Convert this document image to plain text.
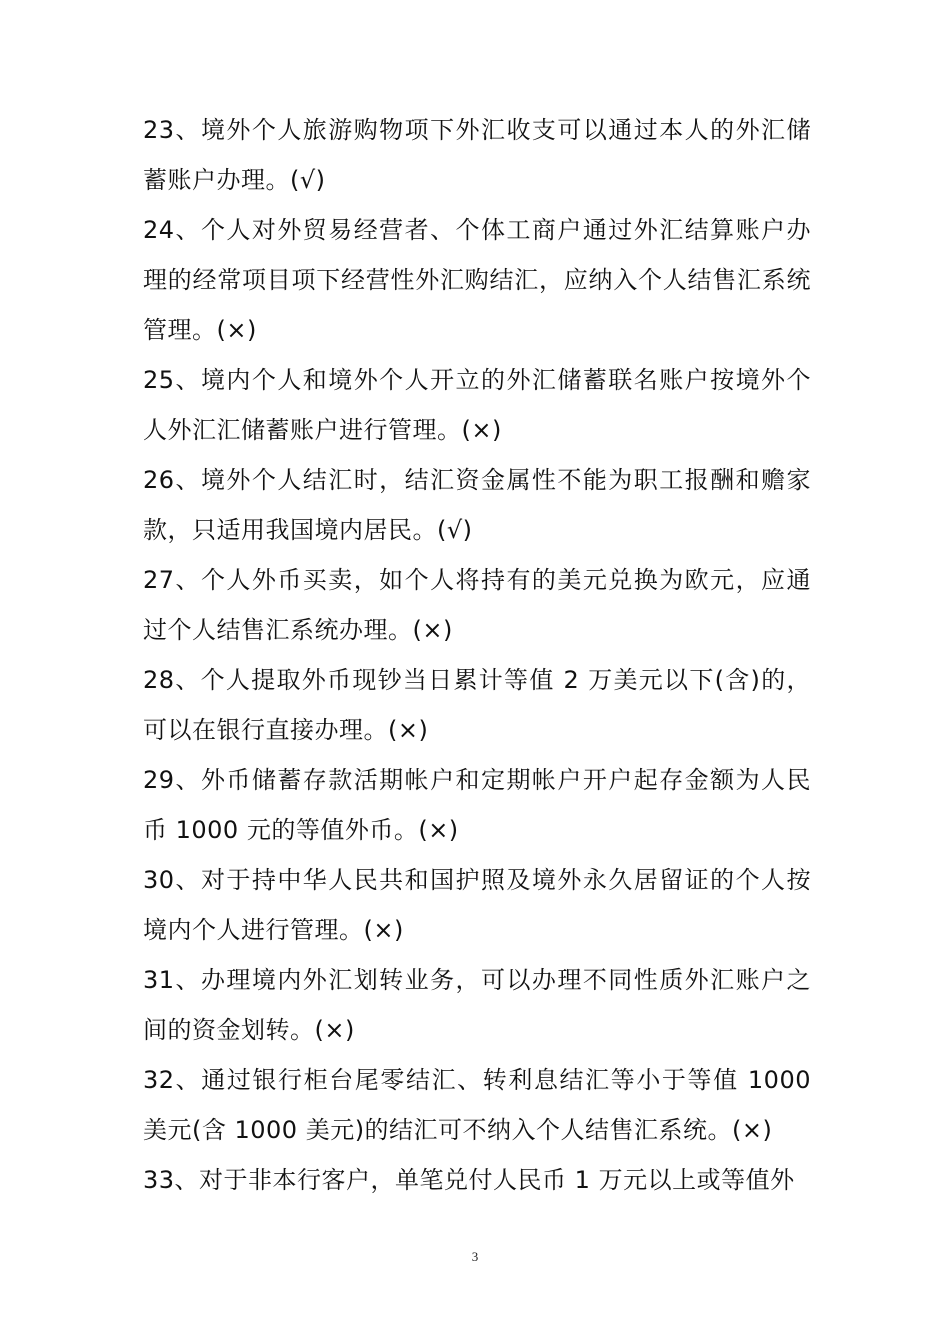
23、境外个人旅游购物项下外汇收支可以通过本人的外汇储蓄账户办理。(√)

24、个人对外贸易经营者、个体工商户通过外汇结算账户办理的经常项目项下经营性外汇购结汇，应纳入个人结售汇系统管理。(×)

25、境内个人和境外个人开立的外汇储蓄联名账户按境外个人外汇汇储蓄账户进行管理。(×)

26、境外个人结汇时，结汇资金属性不能为职工报酬和赡家款，只适用我国境内居民。(√)

27、个人外币买卖，如个人将持有的美元兑换为欧元，应通过个人结售汇系统办理。(×)

28、个人提取外币现钞当日累计等值 2 万美元以下(含)的，可以在银行直接办理。(×)

29、外币储蓄存款活期帐户和定期帐户开户起存金额为人民币 1000 元的等值外币。(×)

30、对于持中华人民共和国护照及境外永久居留证的个人按境内个人进行管理。(×)

31、办理境内外汇划转业务，可以办理不同性质外汇账户之间的资金划转。(×)

32、通过银行柜台尾零结汇、转利息结汇等小于等值 1000 美元(含 1000 美元)的结汇可不纳入个人结售汇系统。(×)

33、对于非本行客户，单笔兑付人民币 1 万元以上或等值外

3
